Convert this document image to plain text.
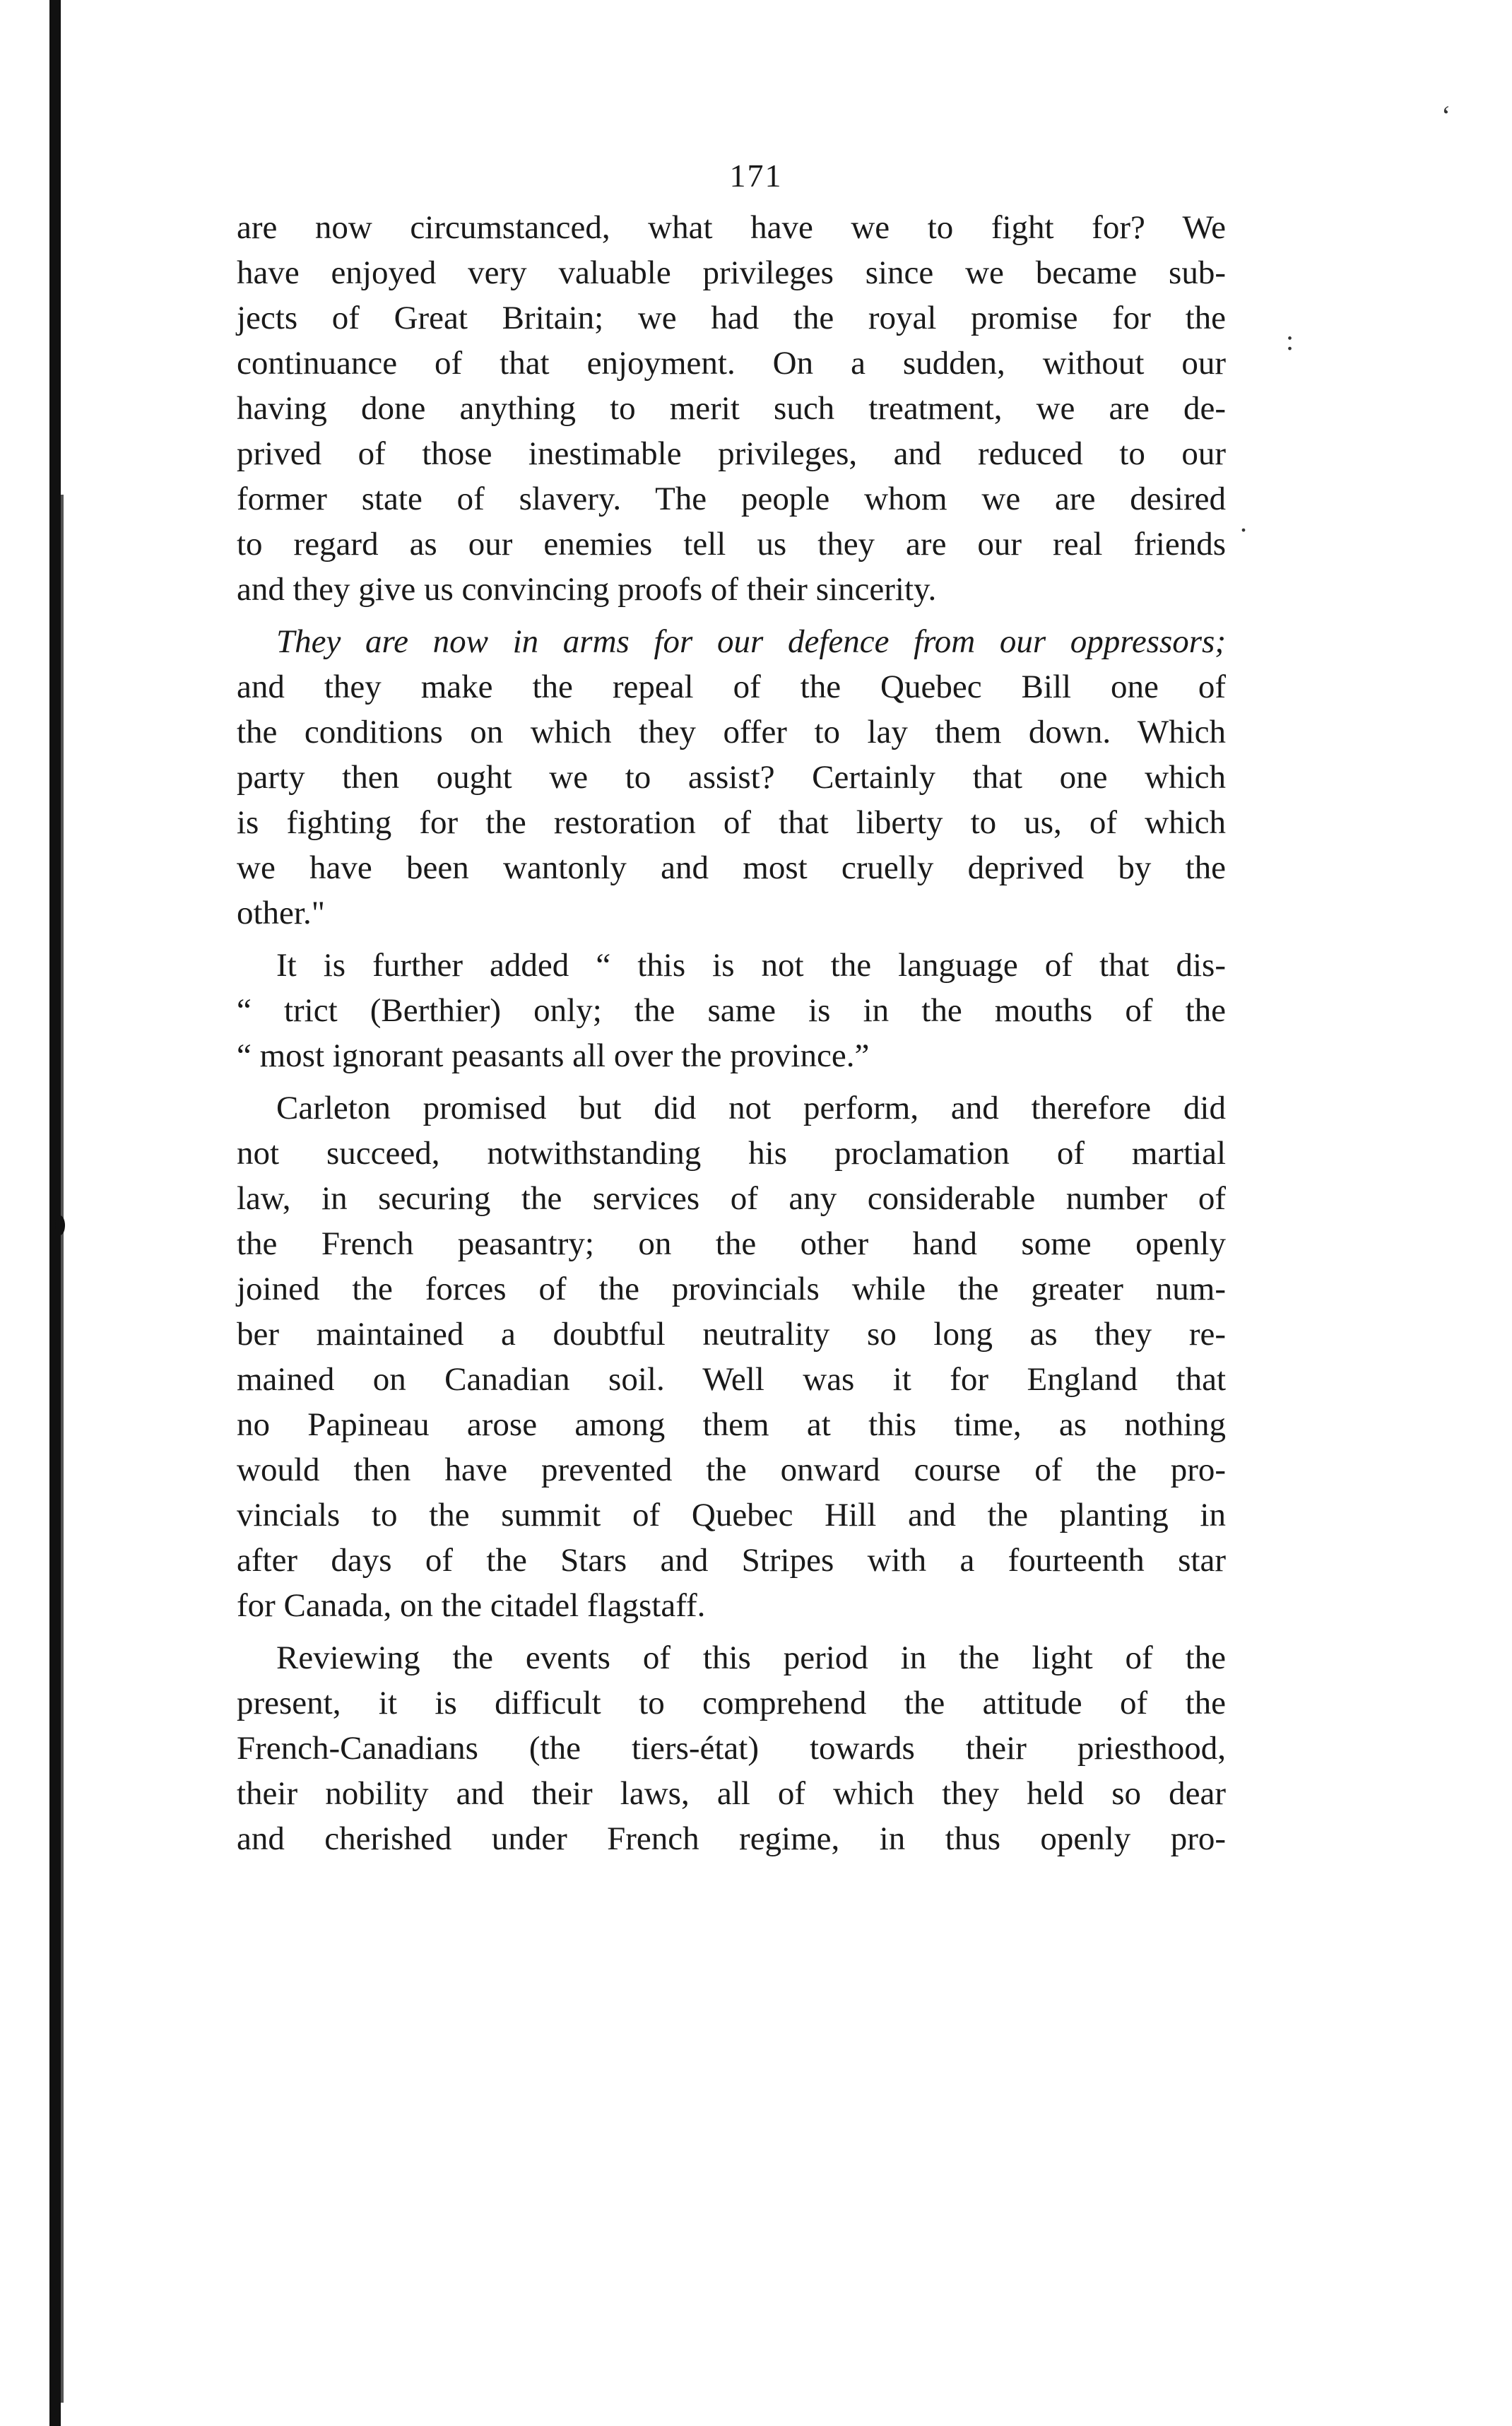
171
‘
:
.
are now circumstanced, what have we to fight for? We
have enjoyed very valuable privileges since we became sub-
jects of Great Britain; we had the royal promise for the
continuance of that enjoyment. On a sudden, without our
having done anything to merit such treatment, we are de-
prived of those inestimable privileges, and reduced to our
former state of slavery. The people whom we are desired
to regard as our enemies tell us they are our real friends
and they give us convincing proofs of their sincerity.
They are now in arms for our defence from our oppressors;
and they make the repeal of the Quebec Bill one of
the conditions on which they offer to lay them down. Which
party then ought we to assist? Certainly that one which
is fighting for the restoration of that liberty to us, of which
we have been wantonly and most cruelly deprived by the
other."
It is further added “ this is not the language of that dis-
“ trict (Berthier) only; the same is in the mouths of the
“ most ignorant peasants all over the province.”
Carleton promised but did not perform, and therefore did
not succeed, notwithstanding his proclamation of martial
law, in securing the services of any considerable number of
the French peasantry; on the other hand some openly
joined the forces of the provincials while the greater num-
ber maintained a doubtful neutrality so long as they re-
mained on Canadian soil. Well was it for England that
no Papineau arose among them at this time, as nothing
would then have prevented the onward course of the pro-
vincials to the summit of Quebec Hill and the planting in
after days of the Stars and Stripes with a fourteenth star
for Canada, on the citadel flagstaff.
Reviewing the events of this period in the light of the
present, it is difficult to comprehend the attitude of the
French-Canadians (the tiers-état) towards their priesthood,
their nobility and their laws, all of which they held so dear
and cherished under French regime, in thus openly pro-
